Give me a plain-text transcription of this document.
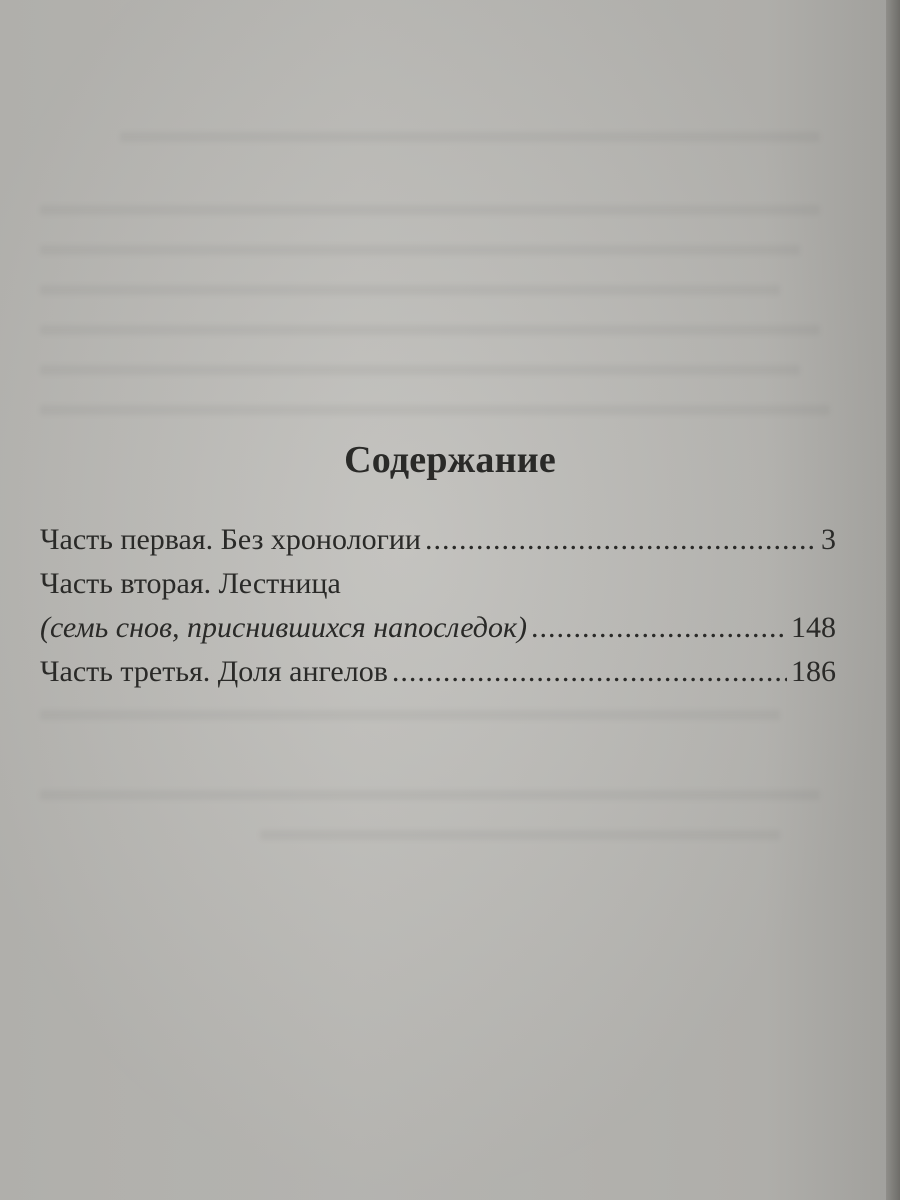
Содержание
Часть первая. Без хронологии .....	3
Часть вторая. Лестница
(семь снов, приснившихся напоследок) .....	148
Часть третья. Доля ангелов .....	186
